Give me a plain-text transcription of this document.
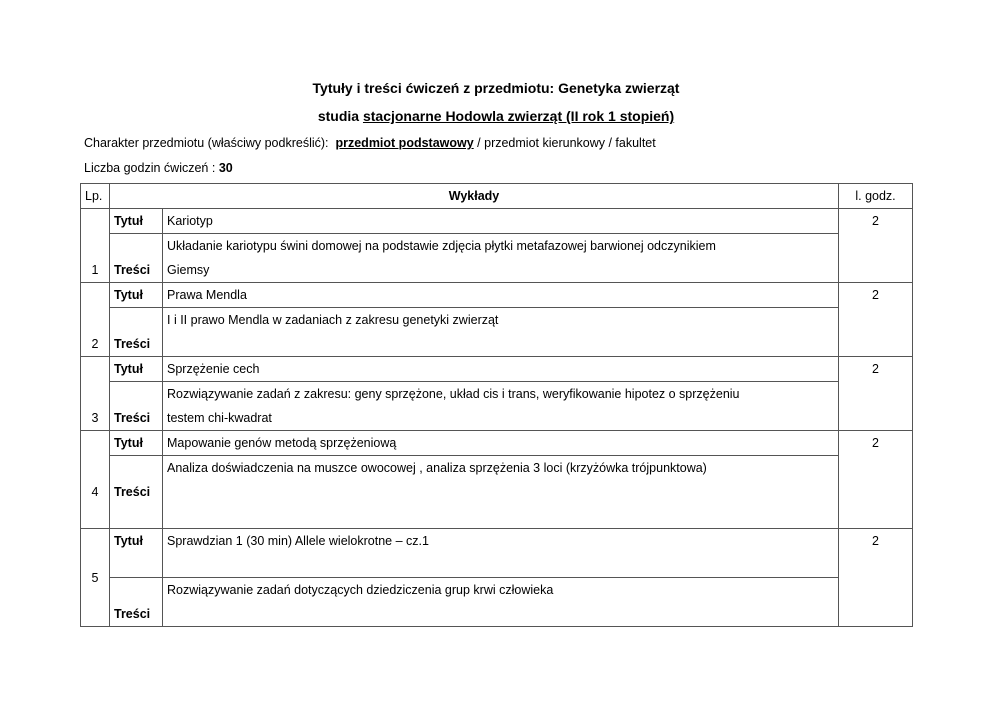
Tytuły i treści ćwiczeń z przedmiotu: Genetyka zwierząt
studia stacjonarne Hodowla zwierząt (II rok 1 stopień)
Charakter przedmiotu (właściwy podkreślić): przedmiot podstawowy / przedmiot kierunkowy / fakultet
Liczba godzin ćwiczeń : 30
Lp.	Wykłady		l. godz.
1	Tytuł	Kariotyp	2
	Treści	Układanie kariotypu świni domowej na podstawie zdjęcia płytki metafazowej barwionej odczynikiem
Giemsy	

2	Tytuł	Prawa Mendla	2
	Treści	I i II prawo Mendla w zadaniach z zakresu genetyki zwierząt	

3	Tytuł	Sprzężenie cech	2
	Treści	Rozwiązywanie zadań z zakresu: geny sprzężone, układ cis i trans, weryfikowanie hipotez o sprzężeniu
testem chi-kwadrat	

4	Tytuł	Mapowanie genów metodą sprzężeniową	2
	Treści	Analiza doświadczenia na muszce owocowej , analiza sprzężenia 3 loci (krzyżówka trójpunktowa)	

5	Tytuł	Sprawdzian 1 (30 min) Allele wielokrotne – cz.1	2
	Treści	Rozwiązywanie zadań dotyczących dziedziczenia grup krwi człowieka	
